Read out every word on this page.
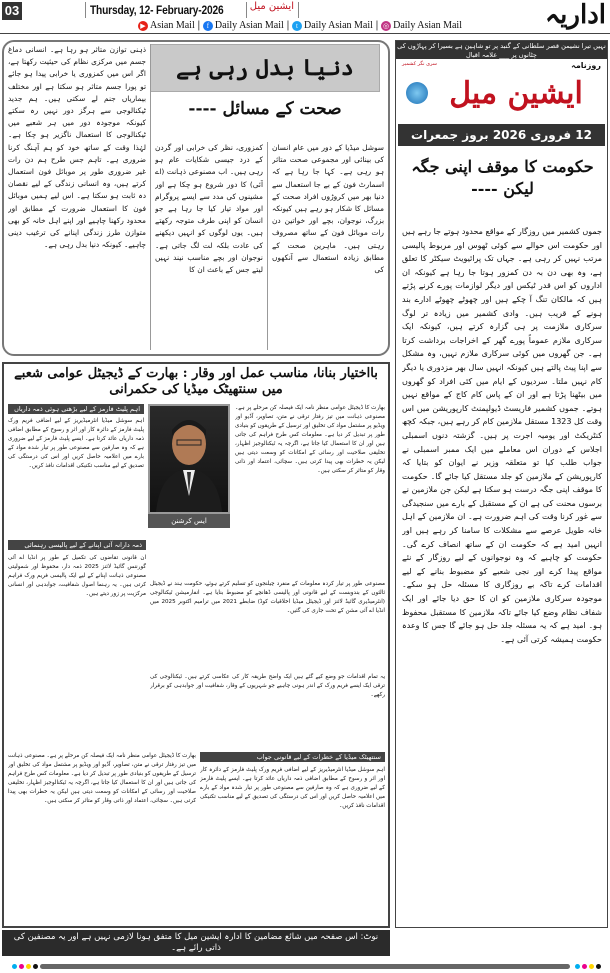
03	Thursday, 12- February-2026	ایشین میل	اداریہ
▶ Asian Mail | f Daily Asian Mail |	t Daily Asian Mail | ◎ Daily Asian Mail
دنیا بدل رہی ہے
صحت کے مسائل ----
ذہنی توازن متاثر ہو رہا ہے۔ انسانی دماغ جسم میں مرکزی نظام کی حیثیت رکھتا ہے، اگر اس میں کمزوری یا خرابی پیدا ہو جائے تو پورا جسم متاثر ہو سکتا ہے اور مختلف بیماریاں جنم لے سکتی ہیں۔ ہم جدید ٹیکنالوجی سے ہرگز دور نہیں رہ سکتے کیونکہ موجودہ دور میں ہر شعبے میں ٹیکنالوجی کا استعمال ناگزیر ہو چکا ہے۔ لہٰذا وقت کے ساتھ خود کو ہم آہنگ کرنا ضروری ہے۔ تاہم جس طرح ہم دن رات غیر ضروری طور پر موبائل فون استعمال کرتے ہیں، وہ انسانی زندگی کے لیے نقصان دہ ثابت ہو سکتا ہے۔ اس لیے ہمیں موبائل فون کا استعمال ضرورت کے مطابق اور محدود رکھنا چاہیے اور اپنے اہل خانہ کو بھی متوازن طرز زندگی اپنانے کی ترغیب دینی چاہیے۔ کیونکہ دنیا بدل رہی ہے۔
کمزوری، نظر کی خرابی اور گردن کے درد جیسی شکایات عام ہو رہی ہیں۔ اب مصنوعی ذہانت (اے آئی) کا دور شروع ہو چکا ہے اور مشینوں کی مدد سے ایسے پروگرام اور مواد تیار کیا جا رہا ہے جو انسان کو اپنی طرف متوجہ رکھتے ہیں۔ یوں لوگوں کو انہیں دیکھنے کی عادت بلکہ لت لگ جاتی ہے۔ نوجوان اور بچے مناسب نیند نہیں لیتے جس کے باعث ان کا
سوشل میڈیا کے دور میں عام انسان کی بینائی اور مجموعی صحت متاثر ہو رہی ہے۔ کہا جا رہا ہے کہ اسمارٹ فون کے بے جا استعمال سے دنیا بھر میں کروڑوں افراد صحت کے مسائل کا شکار ہو رہے ہیں کیونکہ بزرگ، نوجوان، بچے اور خواتین دن رات موبائل فون کے ساتھ مصروف رہتی ہیں۔ ماہرین صحت کے مطابق زیادہ استعمال سے آنکھوں کی
بااختیار بنانا، مناسب عمل اور وقار : بھارت کے ڈیجیٹل عوامی شعبے میں سنتھیٹک میڈیا کی حکمرانی
ایس کرشنن
بھارت کا ڈیجیٹل عوامی منظر نامہ ایک فیصلہ کن مرحلے پر ہے۔ مصنوعی ذہانت میں تیز رفتار ترقی نے متن، تصاویر، آڈیو اور ویڈیو پر مشتمل مواد کی تخلیق اور ترسیل کے طریقوں کو بنیادی طور پر تبدیل کر دیا ہے۔ معلومات کس طرح فراہم کی جاتی ہیں اور ان کا استعمال کیا جاتا ہے، اگرچہ یہ ٹیکنالوجیز اظہار، تخلیقی صلاحیت اور رسائی کے امکانات کو وسعت دیتی ہیں لیکن یہ خطرات بھی پیدا کرتی ہیں۔ سچائی، اعتماد اور ذاتی وقار کو متاثر کر سکتی ہیں۔
اہم پلیٹ فارمز کے لیے بڑھتی ہوئی ذمہ داریاں
اہم سوشل میڈیا انٹرمیڈیریز کے لیے اضافی فریم ورک پلیٹ فارمز کے دائرہ کار اور اثر و رسوخ کے مطابق اضافی ذمہ داریاں عائد کرتا ہے۔ ایسے پلیٹ فارمز کے لیے ضروری ہے کہ وہ صارفین سے مصنوعی طور پر تیار شدہ مواد کے بارے میں اعلامیہ حاصل کریں اور اس کی درستگی کی تصدیق کے لیے مناسب تکنیکی اقدامات نافذ کریں۔
مصنوعی طور پر تیار کردہ معلومات کے منفرد چیلنجوں کو تسلیم کرتے ہوئے، حکومت ہند نے ڈیجیٹل ثالثوں کے بندوبست کے لیے قانونی اور پالیسی ڈھانچے کو مضبوط بنایا ہے۔ انفارمیشن ٹیکنالوجی (انٹرمیڈیری گائیڈ لائنز اور ڈیجیٹل میڈیا اخلاقیات کوڈ) ضابطے 2021 میں ترامیم اکتوبر 2025 میں انڈیا اے آئی مشن کے تحت جاری کی گئیں۔
ذمہ دارانہ آئی اپنانے کے لیے پالیسی رہنمائی
ان قانونی تقاضوں کی تکمیل کے طور پر انڈیا اے آئی گورننس گائیڈ لائنز 2025 ذمہ دار، محفوظ اور شمولیتی مصنوعی ذہانت اپنانے کے لیے ایک پالیسی فریم ورک فراہم کرتی ہیں۔ یہ رہنما اصول شفافیت، جوابدہی اور انسانی مرکزیت پر زور دیتے ہیں۔
یہ تمام اقدامات جو وضع کیے گئے ہیں ایک واضح طریقہ کار کی عکاسی کرتے ہیں۔ ٹیکنالوجی کی ترقی ایک ایسے فریم ورک کے اندر ہونی چاہیے جو شہریوں کے وقار، شفافیت اور جوابدہی کو برقرار رکھے۔
سنتھیٹک میڈیا کے خطرات کے لیے قانونی جواب
بھارت کا ڈیجیٹل عوامی منظر نامہ ایک فیصلہ کن مرحلے پر ہے۔ مصنوعی ذہانت میں تیز رفتار ترقی نے متن، تصاویر، آڈیو اور ویڈیو پر مشتمل مواد کی تخلیق اور ترسیل کے طریقوں کو بنیادی طور پر تبدیل کر دیا ہے۔ معلومات کس طرح فراہم کی جاتی ہیں اور ان کا استعمال کیا جاتا ہے، اگرچہ یہ ٹیکنالوجیز اظہار، تخلیقی صلاحیت اور رسائی کے امکانات کو وسعت دیتی ہیں لیکن یہ خطرات بھی پیدا کرتی ہیں۔ سچائی، اعتماد اور ذاتی وقار کو متاثر کر سکتی ہیں۔
اہم سوشل میڈیا انٹرمیڈیریز کے لیے اضافی فریم ورک پلیٹ فارمز کے دائرہ کار اور اثر و رسوخ کے مطابق اضافی ذمہ داریاں عائد کرتا ہے۔ ایسے پلیٹ فارمز کے لیے ضروری ہے کہ وہ صارفین سے مصنوعی طور پر تیار شدہ مواد کے بارے میں اعلامیہ حاصل کریں اور اس کی درستگی کی تصدیق کے لیے مناسب تکنیکی اقدامات نافذ کریں۔
نہیں تیرا نشیمن قصر سلطانی کے گنبد پر تو شاہین ہے بسیرا کر پہاڑوں کی چٹانوں پر ___ علامہ اقبال
روزنامہ
سری نگر کشمیر
ایشین میل
12 فروری 2026 بروز جمعرات
حکومت کا موقف اپنی جگہ لیکن ----
جموں کشمیر میں روزگار کے مواقع محدود ہوتے جا رہے ہیں اور حکومت اس حوالے سے کوئی ٹھوس اور مربوط پالیسی مرتب نہیں کر رہی ہے۔ جہاں تک پرائیویٹ سیکٹر کا تعلق ہے، وہ بھی دن بہ دن کمزور ہوتا جا رہا ہے کیونکہ ان اداروں کو اس قدر ٹیکس اور دیگر لوازمات پورے کرنے پڑتے ہیں کہ مالکان تنگ آ چکے ہیں اور چھوٹے چھوٹے ادارے بند ہونے کے قریب ہیں۔ وادی کشمیر میں زیادہ تر لوگ سرکاری ملازمت پر ہی گزارہ کرتے ہیں، کیونکہ ایک سرکاری ملازم عموماً پورے گھر کے اخراجات برداشت کرتا ہے۔ جن گھروں میں کوئی سرکاری ملازم نہیں، وہ مشکل سے اپنا پیٹ پالتے ہیں کیونکہ انہیں سال بھر مزدوری یا دیگر کام نہیں ملتا۔ سردیوں کے ایام میں کئی افراد کو گھروں میں بیٹھنا پڑتا ہے اور ان کے پاس کام کاج کے مواقع نہیں ہوتے۔ جموں کشمیر فاریسٹ ڈیولپمنٹ کارپوریشن میں اس وقت کل 1323 مستقل ملازمین کام کر رہے ہیں، جبکہ کچھ کنٹریکٹ اور یومیہ اجرت پر ہیں۔ گزشتہ دنوں اسمبلی اجلاس کے دوران اس معاملے میں ایک ممبر اسمبلی نے جواب طلب کیا تو متعلقہ وزیر نے ایوان کو بتایا کہ کارپوریشن کے ملازمین کو جلد مستقل کیا جائے گا۔ حکومت کا موقف اپنی جگہ درست ہو سکتا ہے لیکن جن ملازمین نے برسوں محنت کی ہے ان کے مستقبل کے بارے میں سنجیدگی سے غور کرنا وقت کی اہم ضرورت ہے۔ ان ملازمین کے اہل خانہ طویل عرصے سے مشکلات کا سامنا کر رہے ہیں اور انہیں امید ہے کہ حکومت ان کے ساتھ انصاف کرے گی۔ حکومت کو چاہیے کہ وہ نوجوانوں کے لیے روزگار کے نئے مواقع پیدا کرے اور نجی شعبے کو مضبوط بنانے کے لیے اقدامات کرے تاکہ بے روزگاری کا مسئلہ حل ہو سکے۔ موجودہ سرکاری ملازمین کو ان کا حق دیا جائے اور ایک شفاف نظام وضع کیا جائے تاکہ ملازمین کا مستقبل محفوظ ہو۔ امید ہے کہ یہ مسئلہ جلد حل ہو جائے گا جس کا وعدہ حکومت ہمیشہ کرتی آئی ہے۔
نوٹ: اس صفحہ میں شائع مضامین کا ادارہ ایشین میل کا متفق ہونا لازمی نہیں ہے اور یہ مصنفین کی ذاتی رائے ہے۔
